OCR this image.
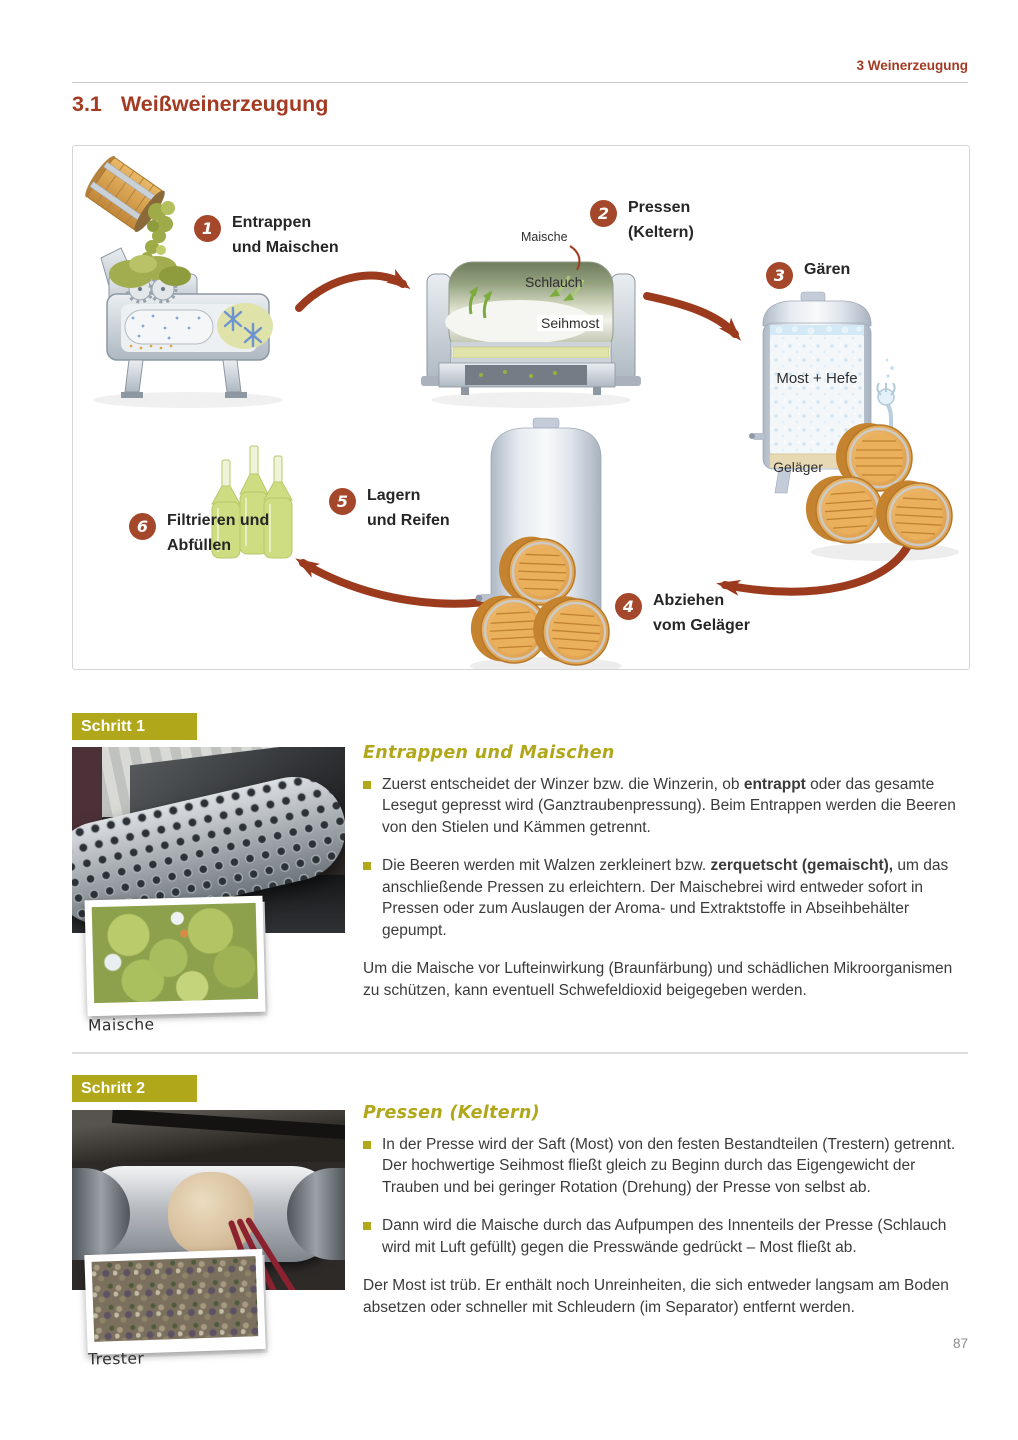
3 Weinerzeugung
3.1 Weißweinerzeugung
1	Entrappen
und Maischen
2	Pressen
(Keltern)
3	Gären
4	Abziehen
vom Geläger
5	Lagern
und Reifen
6	Filtrieren und
Abfüllen
Maische
Schlauch
Seihmost
Most + Hefe
Geläger
Schritt 1
Maische

Entrappen und Maischen

Zuerst entscheidet der Winzer bzw. die Winzerin, ob entrappt oder das gesamte Lesegut gepresst wird (Ganztraubenpressung). Beim Entrappen werden die Beeren von den Stielen und Kämmen getrennt.
Die Beeren werden mit Walzen zerkleinert bzw. zerquetscht (gemaischt), um das anschließende Pressen zu erleichtern. Der Maischebrei wird entweder sofort in Pressen oder zum Auslaugen der Aroma- und Extraktstoffe in Abseihbehälter gepumpt.

Um die Maische vor Lufteinwirkung (Braunfärbung) und schädlichen Mikroorganismen zu schützen, kann eventuell Schwefeldioxid beigegeben werden.

Schritt 2
Trester

Pressen (Keltern)

In der Presse wird der Saft (Most) von den festen Bestandteilen (Trestern) getrennt. Der hochwertige Seihmost fließt gleich zu Beginn durch das Eigengewicht der Trauben und bei geringer Rotation (Drehung) der Presse von selbst ab.
Dann wird die Maische durch das Aufpumpen des Innenteils der Presse (Schlauch wird mit Luft gefüllt) gegen die Presswände gedrückt – Most fließt ab.

Der Most ist trüb. Er enthält noch Unreinheiten, die sich entweder langsam am Boden absetzen oder schneller mit Schleudern (im Separator) entfernt werden.

87
